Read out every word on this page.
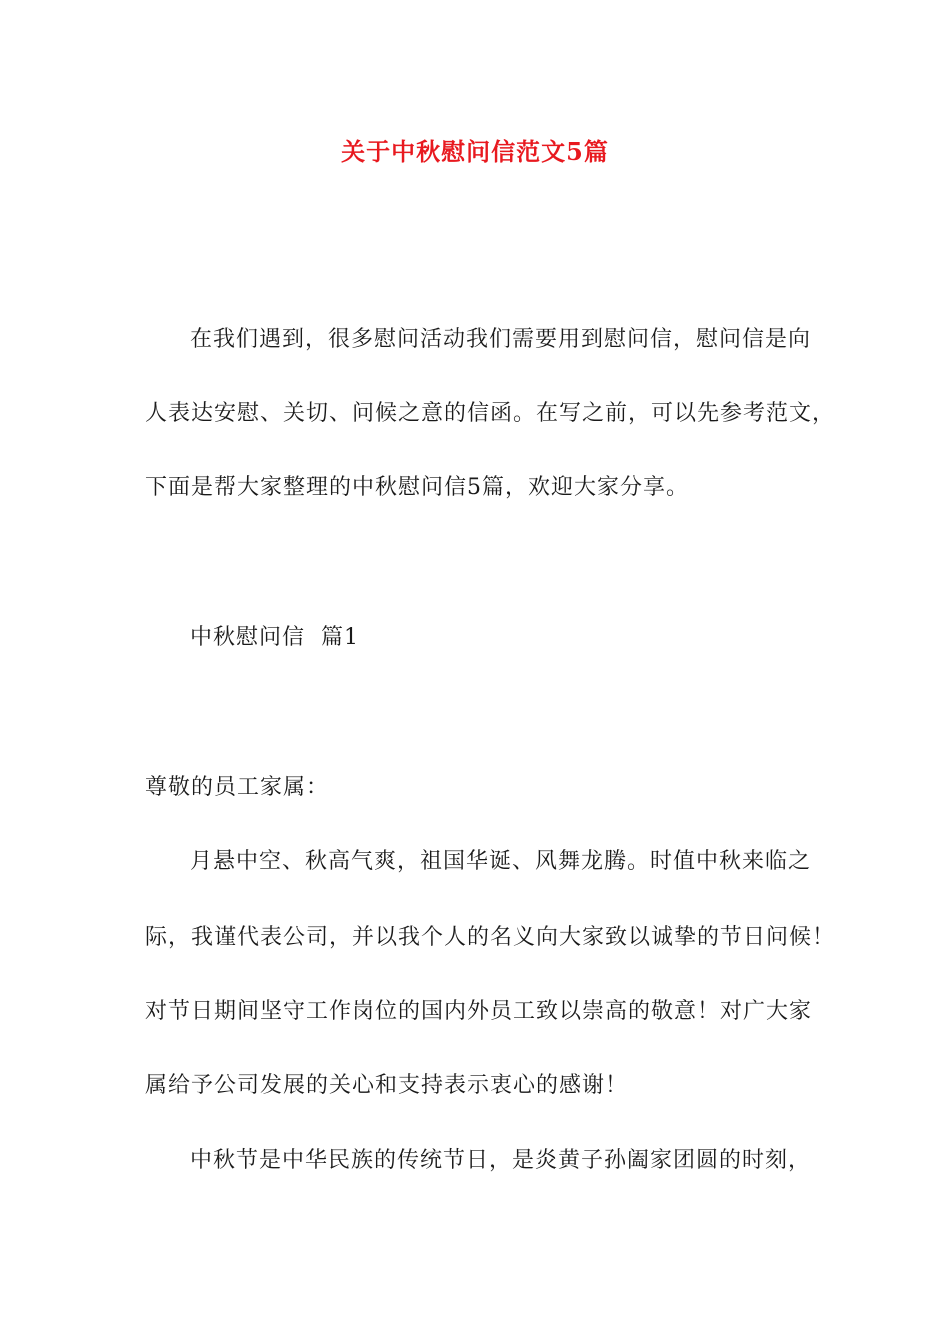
关于中秋慰问信范文5篇
在我们遇到，很多慰问活动我们需要用到慰问信，慰问信是向
人表达安慰、关切、问候之意的信函。在写之前，可以先参考范文，
下面是帮大家整理的中秋慰问信5篇，欢迎大家分享。
中秋慰问信  篇1
尊敬的员工家属：
月悬中空、秋高气爽，祖国华诞、风舞龙腾。时值中秋来临之
际，我谨代表公司，并以我个人的名义向大家致以诚挚的节日问候！
对节日期间坚守工作岗位的国内外员工致以崇高的敬意！对广大家
属给予公司发展的关心和支持表示衷心的感谢！
中秋节是中华民族的传统节日，是炎黄子孙阖家团圆的时刻，
